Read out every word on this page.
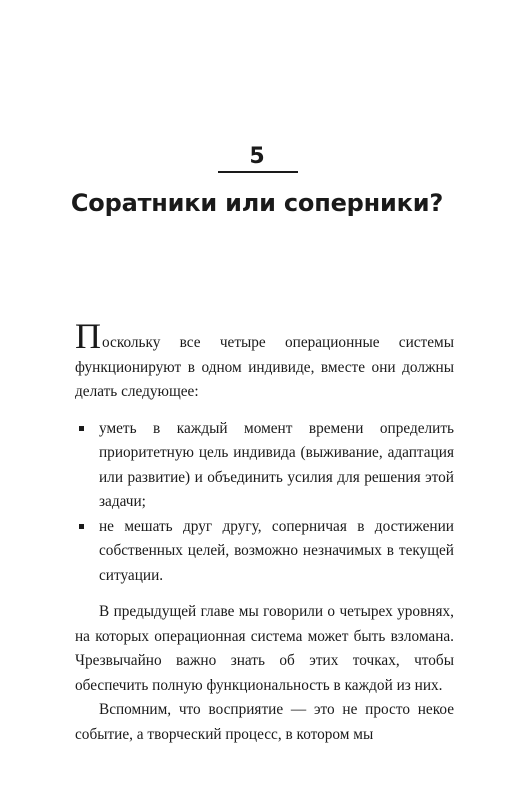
5
Соратники или соперники?

Поскольку все четыре операционные системы функционируют в одном индивиде, вместе они должны делать следующее:

уметь в каждый момент времени определить приоритетную цель индивида (выживание, адаптация или развитие) и объединить усилия для решения этой задачи;
не мешать друг другу, соперничая в достижении собственных целей, возможно незначимых в текущей ситуации.

В предыдущей главе мы говорили о четырех уровнях, на которых операционная система может быть взломана. Чрезвычайно важно знать об этих точках, чтобы обеспечить полную функциональность в каждой из них.

Вспомним, что восприятие — это не просто некое событие, а творческий процесс, в котором мы
